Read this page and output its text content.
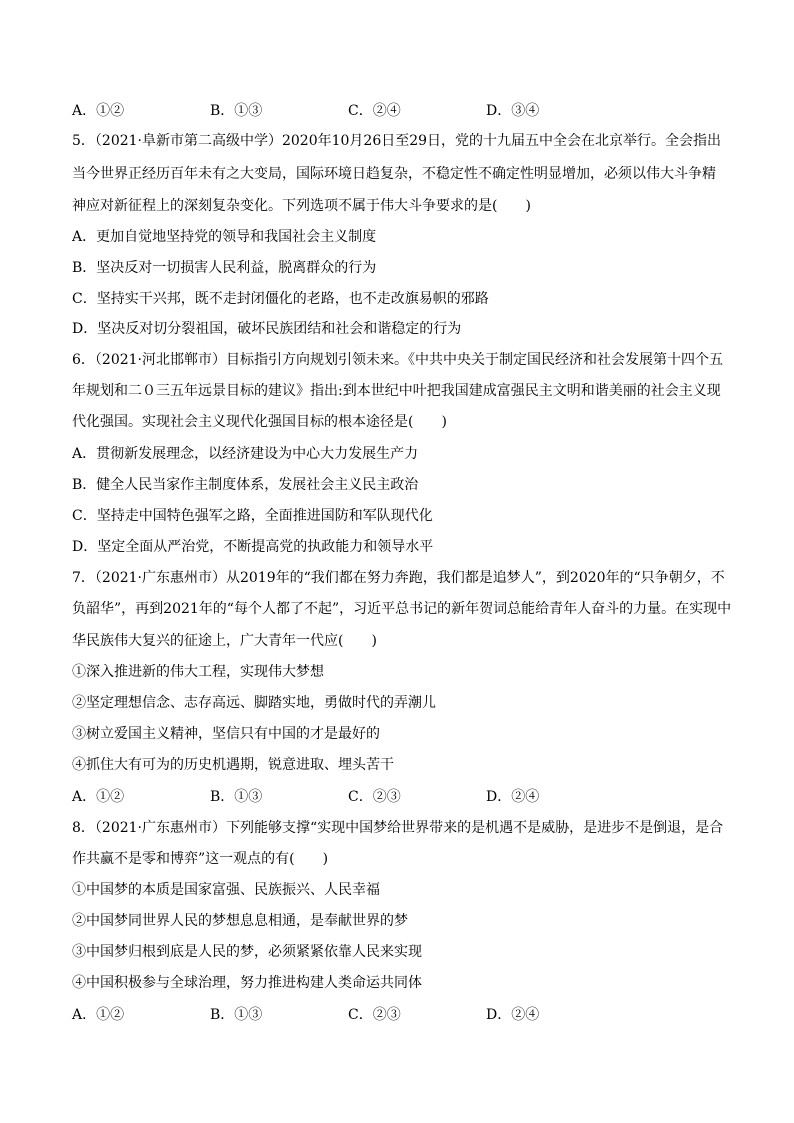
A．①②	B．①③	C．②④	D．③④
5．（2021·阜新市第二高级中学）2020年10月26日至29日，党的十九届五中全会在北京举行。全会指出
当今世界正经历百年未有之大变局，国际环境日趋复杂，不稳定性不确定性明显增加，必须以伟大斗争精
神应对新征程上的深刻复杂变化。下列选项不属于伟大斗争要求的是(　　)
A．更加自觉地坚持党的领导和我国社会主义制度
B．坚决反对一切损害人民利益，脱离群众的行为
C．坚持实干兴邦，既不走封闭僵化的老路，也不走改旗易帜的邪路
D．坚决反对切分裂祖国，破坏民族团结和社会和谐稳定的行为
6．（2021·河北邯郸市）目标指引方向规划引领未来。《中共中央关于制定国民经济和社会发展第十四个五
年规划和二０三五年远景目标的建议》指出:到本世纪中叶把我国建成富强民主文明和谐美丽的社会主义现
代化强国。实现社会主义现代化强国目标的根本途径是(　　)
A．贯彻新发展理念，以经济建设为中心大力发展生产力
B．健全人民当家作主制度体系，发展社会主义民主政治
C．坚持走中国特色强军之路，全面推进国防和军队现代化
D．坚定全面从严治党，不断提高党的执政能力和领导水平
7．（2021·广东惠州市）从2019年的“我们都在努力奔跑，我们都是追梦人”，到2020年的“只争朝夕，不
负韶华”，再到2021年的“每个人都了不起”，习近平总书记的新年贺词总能给青年人奋斗的力量。在实现中
华民族伟大复兴的征途上，广大青年一代应(　　)
①深入推进新的伟大工程，实现伟大梦想
②坚定理想信念、志存高远、脚踏实地，勇做时代的弄潮儿
③树立爱国主义精神，坚信只有中国的才是最好的
④抓住大有可为的历史机遇期，锐意进取、埋头苦干
A．①②	B．①③	C．②③	D．②④
8．（2021·广东惠州市）下列能够支撑“实现中国梦给世界带来的是机遇不是威胁，是进步不是倒退，是合
作共赢不是零和博弈”这一观点的有(　　)
①中国梦的本质是国家富强、民族振兴、人民幸福
②中国梦同世界人民的梦想息息相通，是奉献世界的梦
③中国梦归根到底是人民的梦，必须紧紧依靠人民来实现
④中国积极参与全球治理，努力推进构建人类命运共同体
A．①②	B．①③	C．②③	D．②④
